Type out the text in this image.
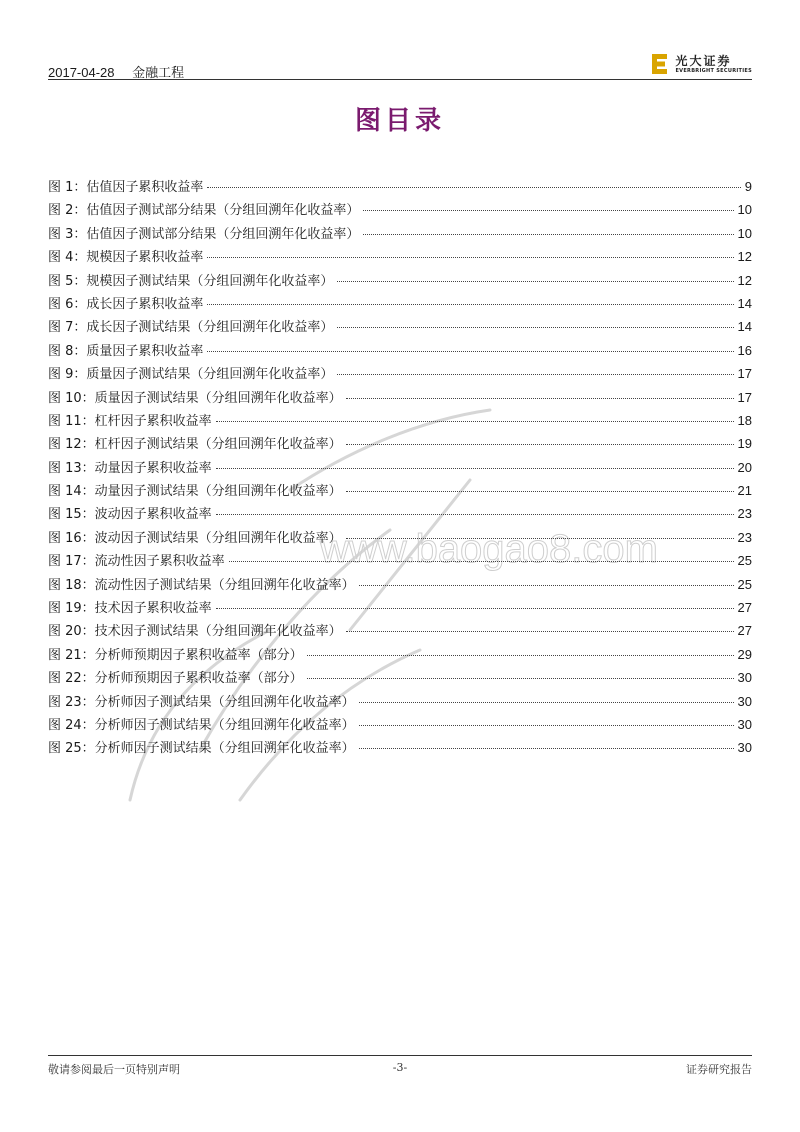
2017-04-28 金融工程
光大证券
EVERBRIGHT SECURITIES
图目录
www.baogao8.com
图 1：估值因子累积收益率	9
图 2：估值因子测试部分结果（分组回溯年化收益率）	10
图 3：估值因子测试部分结果（分组回溯年化收益率）	10
图 4：规模因子累积收益率	12
图 5：规模因子测试结果（分组回溯年化收益率）	12
图 6：成长因子累积收益率	14
图 7：成长因子测试结果（分组回溯年化收益率）	14
图 8：质量因子累积收益率	16
图 9：质量因子测试结果（分组回溯年化收益率）	17
图 10：质量因子测试结果（分组回溯年化收益率）	17
图 11：杠杆因子累积收益率	18
图 12：杠杆因子测试结果（分组回溯年化收益率）	19
图 13：动量因子累积收益率	20
图 14：动量因子测试结果（分组回溯年化收益率）	21
图 15：波动因子累积收益率	23
图 16：波动因子测试结果（分组回溯年化收益率）	23
图 17：流动性因子累积收益率	25
图 18：流动性因子测试结果（分组回溯年化收益率）	25
图 19：技术因子累积收益率	27
图 20：技术因子测试结果（分组回溯年化收益率）	27
图 21：分析师预期因子累积收益率（部分）	29
图 22：分析师预期因子累积收益率（部分）	30
图 23：分析师因子测试结果（分组回溯年化收益率）	30
图 24：分析师因子测试结果（分组回溯年化收益率）	30
图 25：分析师因子测试结果（分组回溯年化收益率）	30
敬请参阅最后一页特别声明	-3-	证券研究报告
